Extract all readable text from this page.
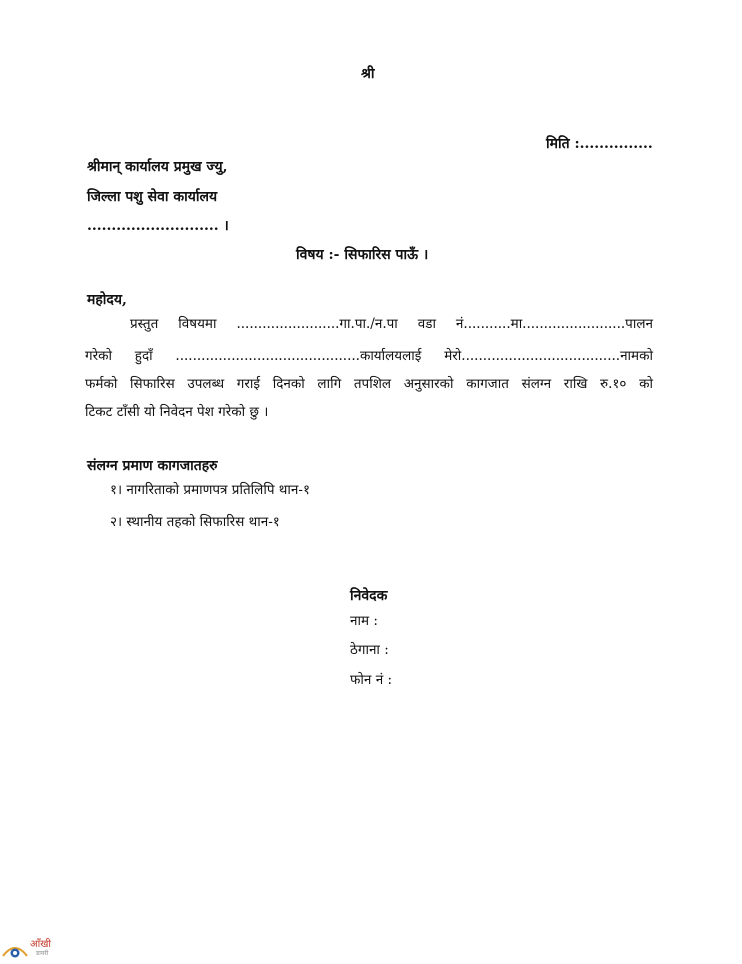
श्री
मिति :...............
श्रीमान् कार्यालय प्रमुख ज्यु,
जिल्ला पशु सेवा कार्यालय
........................... ।
विषय :- सिफारिस पाऊँ ।
महोदय,
प्रस्तुत विषयमा ........................गा.पा./न.पा वडा नं...........मा........................पालन
गरेको हुदाँ ...........................................कार्यालयलाई मेरो.....................................नामको
फर्मको सिफारिस उपलब्ध गराई दिनको लागि तपशिल अनुसारको कागजात संलग्न राखि रु.१० को
टिकट टाँसी यो निवेदन पेश गरेको छु ।
संलग्न प्रमाण कागजातहरु
१। नागरिताको प्रमाणपत्र प्रतिलिपि थान-१
२। स्थानीय तहको सिफारिस थान-१
निवेदक
नाम :
ठेगाना :
फोन नं :
आँखी
डायरी
